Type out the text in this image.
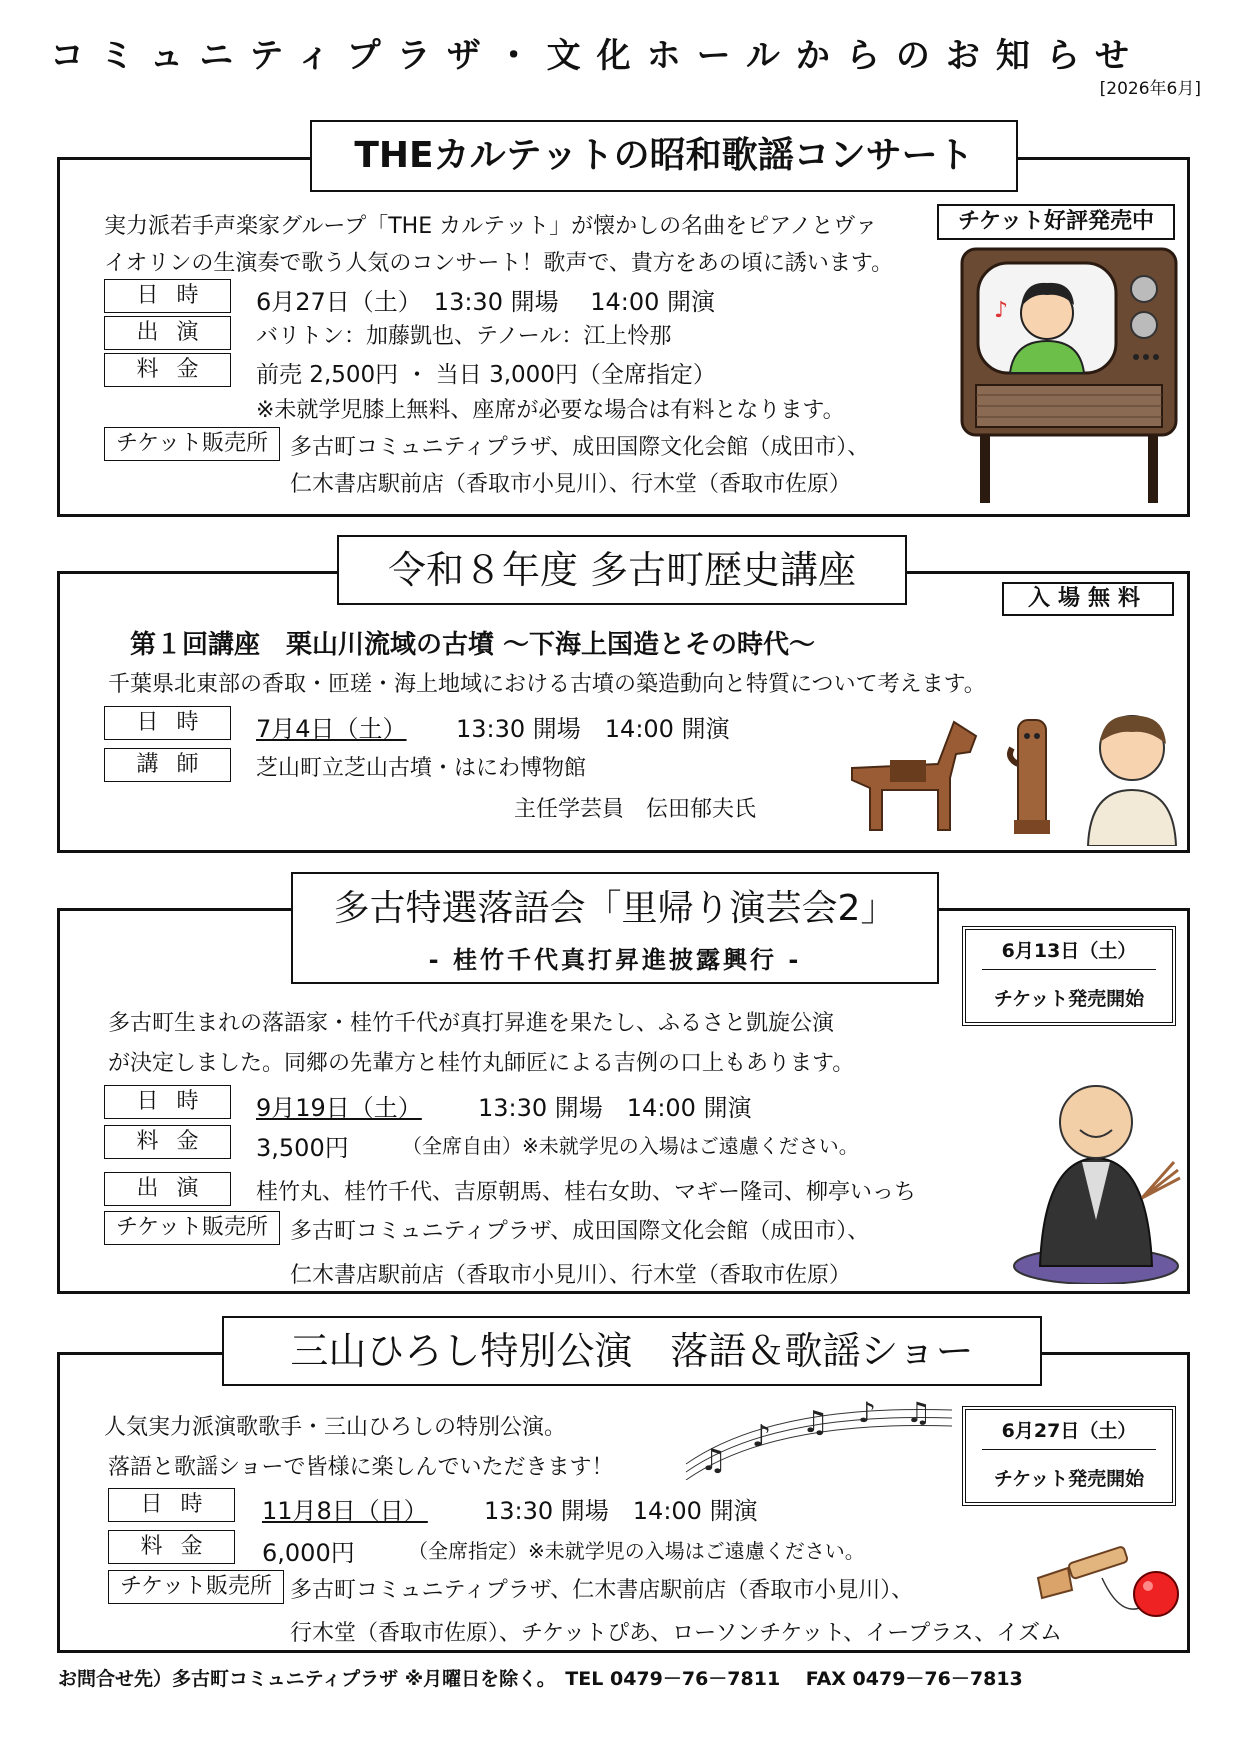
コミュニティプラザ・文化ホールからのお知らせ
[2026年6月]
THEカルテットの昭和歌謡コンサート
チケット好評発売中
実力派若手声楽家グループ「THE カルテット」が懐かしの名曲をピアノとヴァ
イオリンの生演奏で歌う人気のコンサート！歌声で、貴方をあの頃に誘います。
日時	6月27日（土）　13:30 開場　 14:00 開演
出演	バリトン：加藤凱也、テノール：江上怜那
料金	前売 2,500円 ・ 当日 3,000円（全席指定）
※未就学児膝上無料、座席が必要な場合は有料となります。
チケット販売所 多古町コミュニティプラザ、成田国際文化会館（成田市）、
仁木書店駅前店（香取市小見川）、行木堂（香取市佐原）
♪
令和８年度 多古町歴史講座
入場無料
第１回講座　栗山川流域の古墳 ～下海上国造とその時代～
千葉県北東部の香取・匝瑳・海上地域における古墳の築造動向と特質について考えます。
日時	7月4日（土） 13:30 開場　14:00 開演
講師	芝山町立芝山古墳・はにわ博物館
主任学芸員　伝田郁夫氏
多古特選落語会「里帰り演芸会2」
- 桂竹千代真打昇進披露興行 -	6月13日（土）
チケット発売開始
多古町生まれの落語家・桂竹千代が真打昇進を果たし、ふるさと凱旋公演
が決定しました。同郷の先輩方と桂竹丸師匠による吉例の口上もあります。
日時	9月19日（土） 13:30 開場　14:00 開演
料金	3,500円	（全席自由）※未就学児の入場はご遠慮ください。
出演	桂竹丸、桂竹千代、吉原朝馬、桂右女助、マギー隆司、柳亭いっち
チケット販売所 多古町コミュニティプラザ、成田国際文化会館（成田市）、
仁木書店駅前店（香取市小見川）、行木堂（香取市佐原）
三山ひろし特別公演　落語＆歌謡ショー
6月27日（土）
チケット発売開始
人気実力派演歌歌手・三山ひろしの特別公演。
落語と歌謡ショーで皆様に楽しんでいただきます！	♫
♪ ♫ ♪ ♫
日時	11月8日（日） 13:30 開場　14:00 開演
料金	6,000円	（全席指定）※未就学児の入場はご遠慮ください。
チケット販売所 多古町コミュニティプラザ、仁木書店駅前店（香取市小見川）、
行木堂（香取市佐原）、チケットぴあ、ローソンチケット、イープラス、イズム
お問合せ先）多古町コミュニティプラザ ※月曜日を除く。　TEL 0479－76－7811　 FAX 0479－76－7813
